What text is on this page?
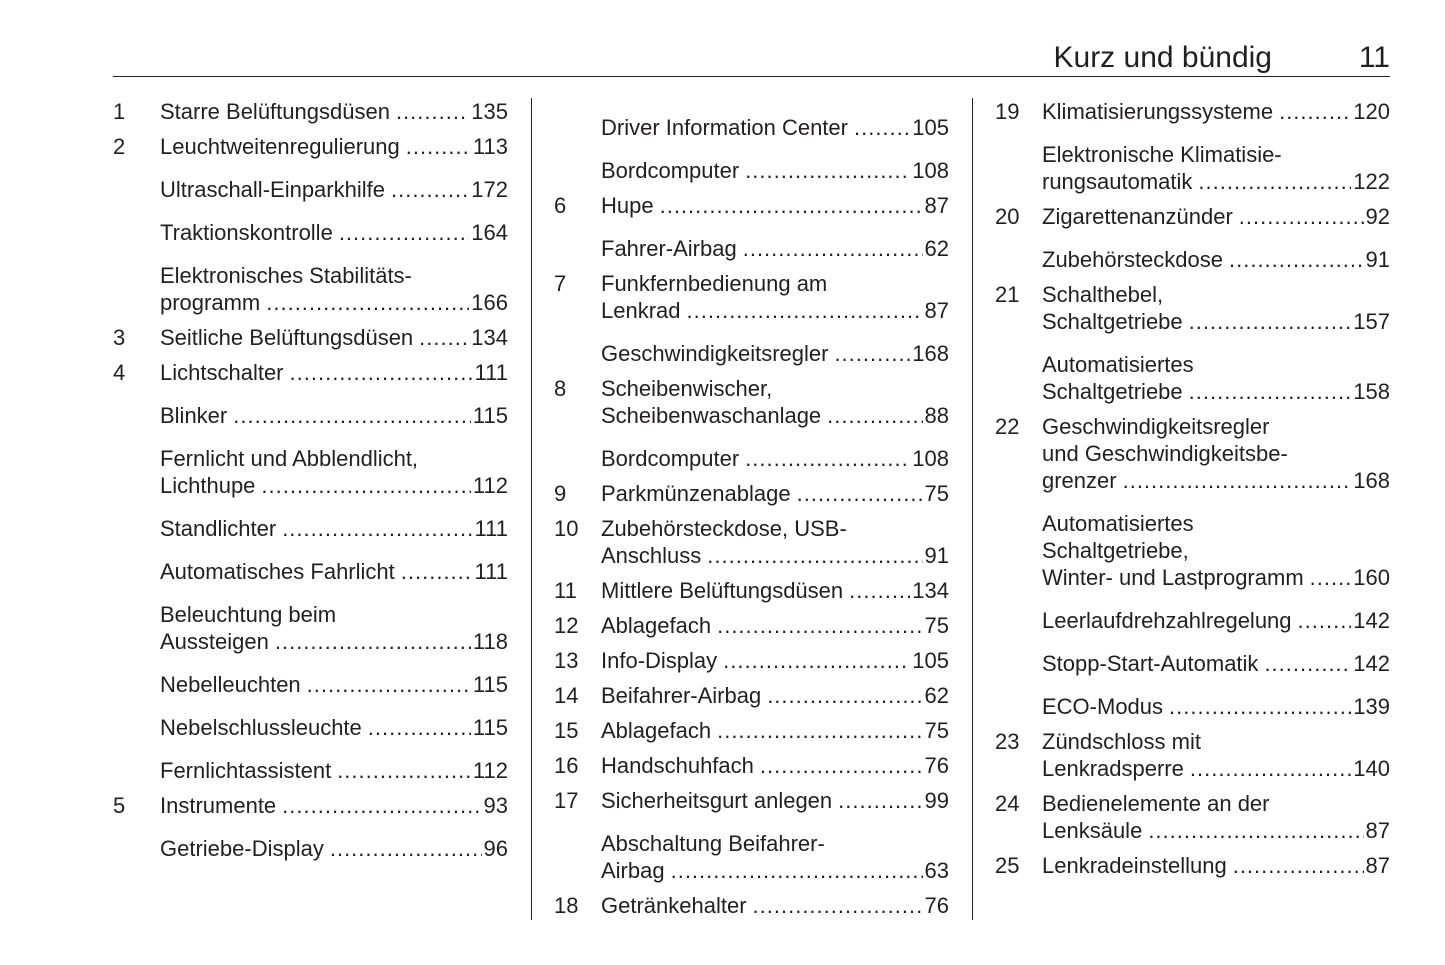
Kurz und bündig	11
1 Starre Belüftungsdüsen .....	135
2 Leuchtweitenregulierung .....	113
Ultraschall-Einparkhilfe .....	172
Traktionskontrolle .....	164
Elektronisches Stabilitäts-
programm .....	166
3 Seitliche Belüftungsdüsen .....	134
4 Lichtschalter .....	111
Blinker .....	115
Fernlicht und Abblendlicht,
Lichthupe .....	112
Standlichter .....	111
Automatisches Fahrlicht .....	111
Beleuchtung beim
Aussteigen .....	118
Nebelleuchten .....	115
Nebelschlussleuchte .....	115
Fernlichtassistent .....	112
5 Instrumente .....	93
Getriebe-Display .....	96
Driver Information Center .....	105
Bordcomputer .....	108
6 Hupe .....	87
Fahrer-Airbag .....	62
7 Funkfernbedienung am
Lenkrad .....	87
Geschwindigkeitsregler .....	168
8 Scheibenwischer,
Scheibenwaschanlage .....	88
Bordcomputer .....	108
9 Parkmünzenablage .....	75
10 Zubehörsteckdose, USB-
Anschluss .....	91
11 Mittlere Belüftungsdüsen .....	134
12 Ablagefach .....	75
13 Info-Display .....	105
14 Beifahrer-Airbag .....	62
15 Ablagefach .....	75
16 Handschuhfach .....	76
17 Sicherheitsgurt anlegen .....	99
Abschaltung Beifahrer-
Airbag .....	63
18 Getränkehalter .....	76
19 Klimatisierungssysteme .....	120
Elektronische Klimatisie-
rungsautomatik .....	122
20 Zigarettenanzünder .....	92
Zubehörsteckdose .....	91
21 Schalthebel,
Schaltgetriebe .....	157
Automatisiertes
Schaltgetriebe .....	158
22 Geschwindigkeitsregler
und Geschwindigkeitsbe-
grenzer .....	168
Automatisiertes
Schaltgetriebe,
Winter- und Lastprogramm ..... 160
Leerlaufdrehzahlregelung .....	142
Stopp-Start-Automatik .....	142
ECO-Modus .....	139
23 Zündschloss mit
Lenkradsperre .....	140
24 Bedienelemente an der
Lenksäule .....	87
25 Lenkradeinstellung .....	87
